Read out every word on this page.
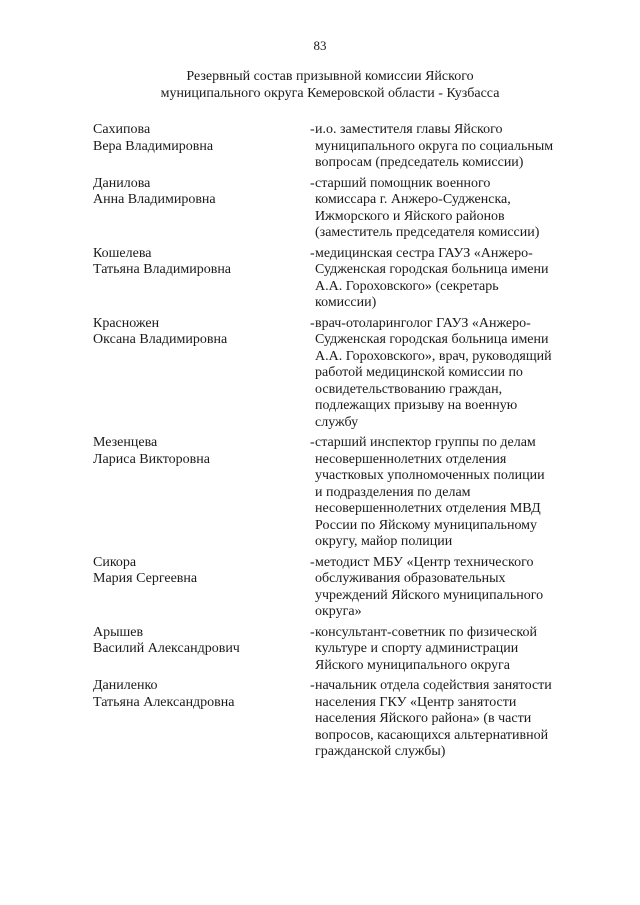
83
Резервный состав призывной комиссии Яйского
муниципального округа Кемеровской области - Кузбасса
Сахипова
Вера Владимировна
- и.о. заместителя главы Яйского
муниципального округа по социальным
вопросам (председатель комиссии)
Данилова
Анна Владимировна
- старший помощник военного
комиссара г. Анжеро-Судженска,
Ижморского и Яйского районов
(заместитель председателя комиссии)
Кошелева
Татьяна Владимировна
- медицинская сестра ГАУЗ «Анжеро-
Судженская городская больница имени
А.А. Гороховского» (секретарь
комиссии)
Красножен
Оксана Владимировна
- врач-отоларинголог ГАУЗ «Анжеро-
Судженская городская больница имени
А.А. Гороховского», врач, руководящий
работой медицинской комиссии по
освидетельствованию граждан,
подлежащих призыву на военную
службу
Мезенцева
Лариса Викторовна
- старший инспектор группы по делам
несовершеннолетних отделения
участковых уполномоченных полиции
и подразделения по делам
несовершеннолетних отделения МВД
России по Яйскому муниципальному
округу, майор полиции
Сикора
Мария Сергеевна
- методист МБУ «Центр технического
обслуживания образовательных
учреждений Яйского муниципального
округа»
Арышев
Василий Александрович
- консультант-советник по физической
культуре и спорту администрации
Яйского муниципального округа
Даниленко
Татьяна Александровна
- начальник отдела содействия занятости
населения ГКУ «Центр занятости
населения Яйского района» (в части
вопросов, касающихся альтернативной
гражданской службы)
